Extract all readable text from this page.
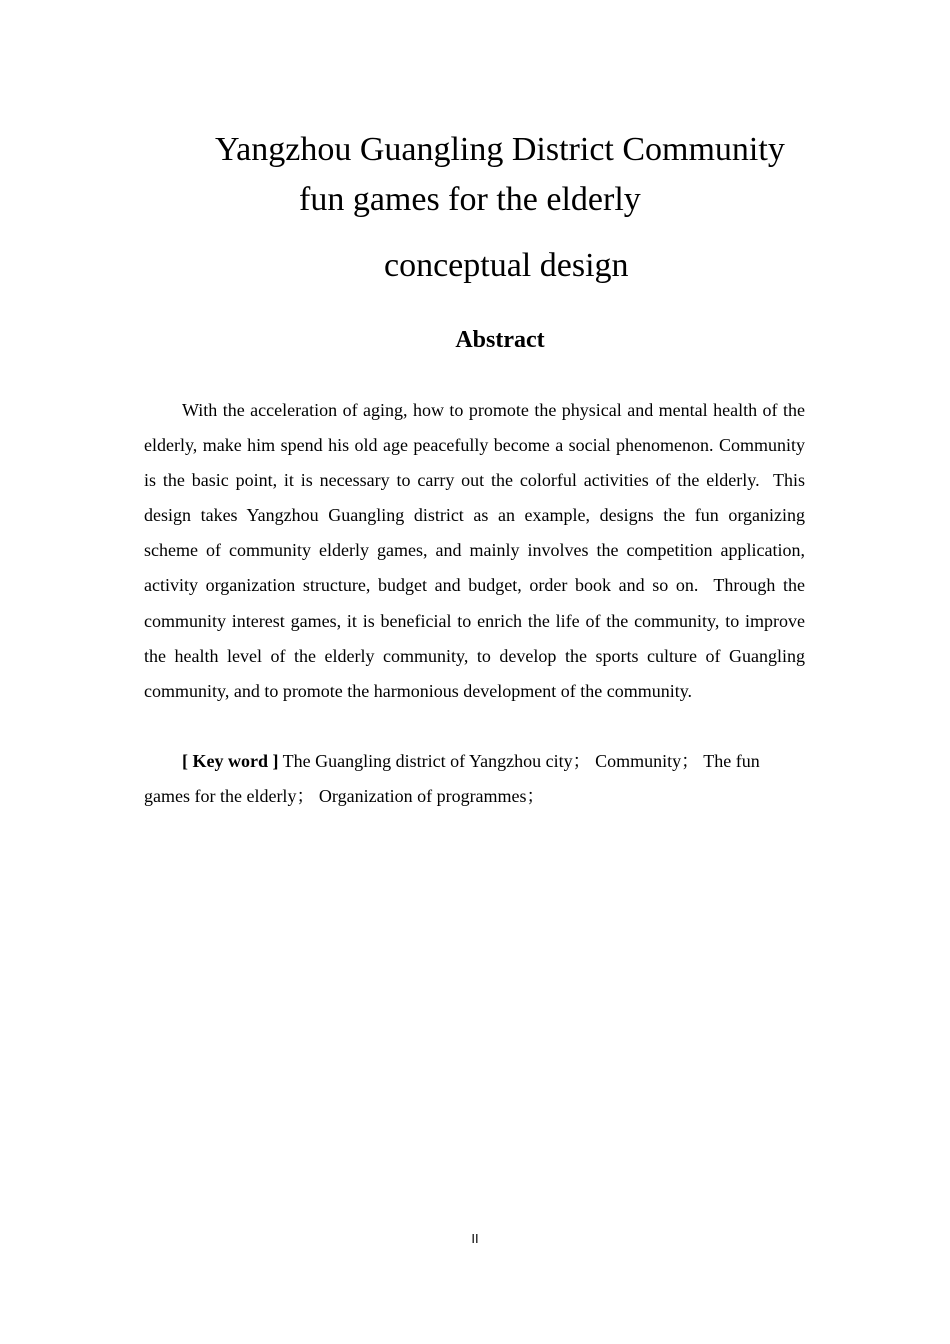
Yangzhou Guangling District Community
fun games for the elderly
conceptual design
Abstract

With the acceleration of aging, how to promote the physical and mental health of the elderly, make him spend his old age peacefully become a social phenomenon. Community is the basic point, it is necessary to carry out the colorful activities of the elderly.  This design takes Yangzhou Guangling district as an example, designs the fun organizing scheme of community elderly games, and mainly involves the competition application, activity organization structure, budget and budget, order book and so on.  Through the community interest games, it is beneficial to enrich the life of the community, to improve the health level of the elderly community, to develop the sports culture of Guangling community, and to promote the harmonious development of the community.

[ Key word ] The Guangling district of Yangzhou city； Community； The fun games for the elderly； Organization of programmes；

II
